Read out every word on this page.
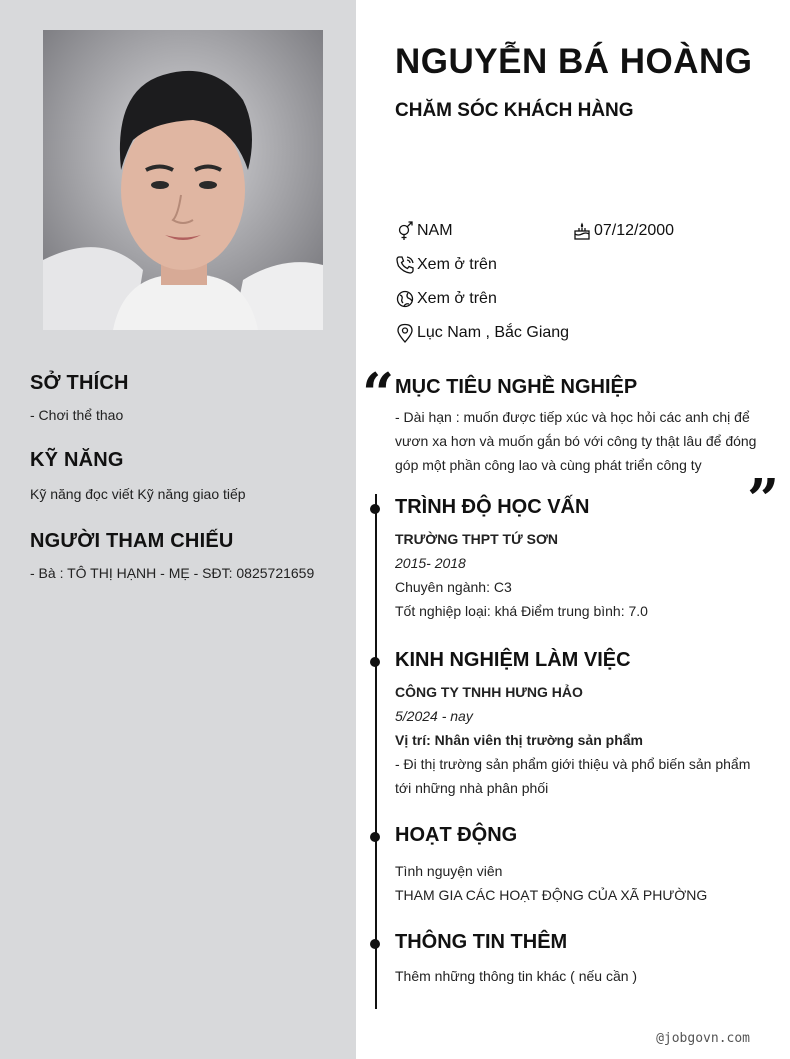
SỞ THÍCH
- Chơi thể thao
KỸ NĂNG
Kỹ năng đọc viết Kỹ năng giao tiếp
NGƯỜI THAM CHIẾU
- Bà : TÔ THỊ HẠNH - MẸ - SĐT: 0825721659
NGUYỄN BÁ HOÀNG
CHĂM SÓC KHÁCH HÀNG
NAM	07/12/2000
Xem ở trên
Xem ở trên
Lục Nam , Bắc Giang
“ MỤC TIÊU NGHỀ NGHIỆP
- Dài hạn : muốn được tiếp xúc và học hỏi các anh chị để vươn xa hơn và muốn gắn bó với công ty thật lâu để đóng góp một phần công lao và cùng phát triển công ty
”
TRÌNH ĐỘ HỌC VẤN
TRƯỜNG THPT TỨ SƠN
2015- 2018
Chuyên ngành: C3
Tốt nghiệp loại: khá Điểm trung bình: 7.0
KINH NGHIỆM LÀM VIỆC
CÔNG TY TNHH HƯNG HẢO
5/2024 - nay
Vị trí: Nhân viên thị trường sản phẩm
- Đi thị trường sản phẩm giới thiệu và phổ biến sản phẩm tới những nhà phân phối
HOẠT ĐỘNG
Tình nguyện viên
THAM GIA CÁC HOẠT ĐỘNG CỦA XÃ PHƯỜNG
THÔNG TIN THÊM
Thêm những thông tin khác ( nếu cần )
@jobgovn.com
